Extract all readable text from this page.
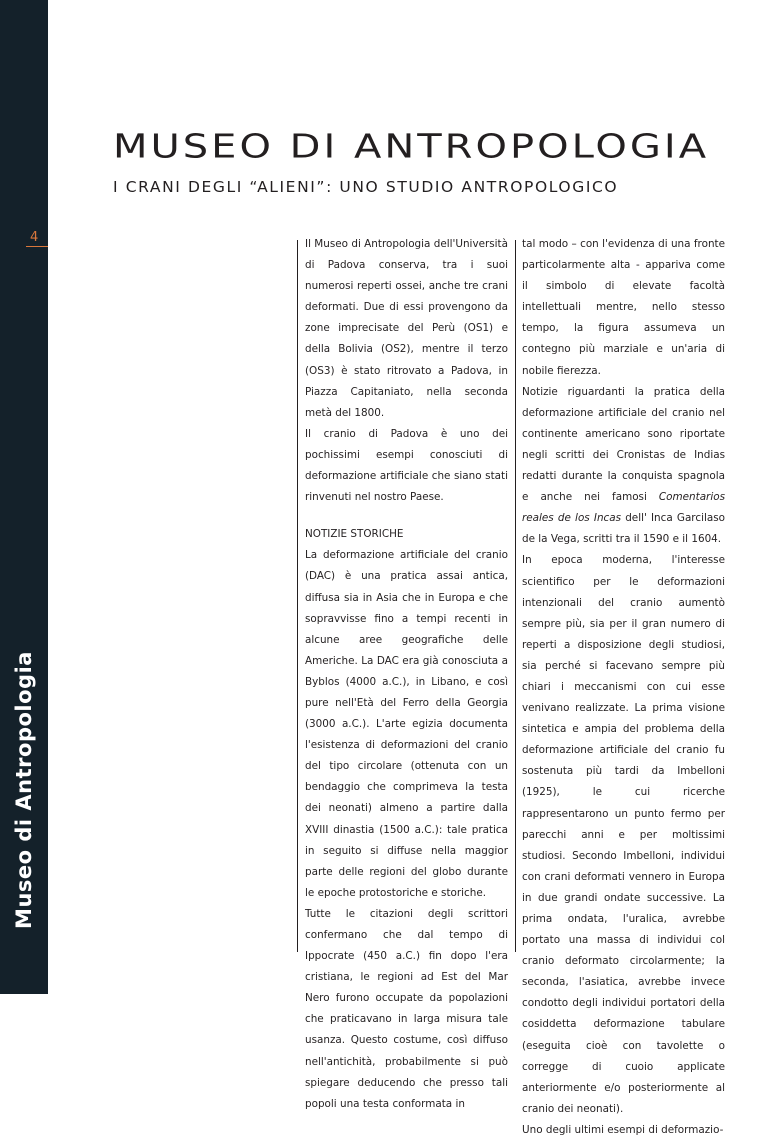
Museo di Antropologia
MUSEO DI ANTROPOLOGIA
I CRANI DEGLI “ALIENI”: UNO STUDIO ANTROPOLOGICO
4	Il Museo di Antropologia dell'Università di Padova conserva, tra i suoi numerosi reperti ossei, anche tre crani deformati. Due di essi provengono da zone imprecisate del Perù (OS1) e della Bolivia (OS2), mentre il terzo (OS3) è stato ritrovato a Padova, in Piazza Capitaniato, nella seconda metà del 1800.

Il cranio di Padova è uno dei pochissimi esempi conosciuti di deformazione artificiale che siano stati rinvenuti nel nostro Paese.

NOTIZIE STORICHE

La deformazione artificiale del cranio (DAC) è una pratica assai antica, diffusa sia in Asia che in Europa e che sopravvisse fino a tempi recenti in alcune aree geografiche delle Americhe. La DAC era già conosciuta a Byblos (4000 a.C.), in Libano, e così pure nell'Età del Ferro della Georgia (3000 a.C.). L'arte egizia documenta l'esistenza di deformazioni del cranio del tipo circolare (ottenuta con un bendaggio che comprimeva la testa dei neonati) almeno a partire dalla XVIII dinastia (1500 a.C.): tale pratica in seguito si diffuse nella maggior parte delle regioni del globo durante le epoche protostoriche e storiche.

Tutte le citazioni degli scrittori confermano che dal tempo di Ippocrate (450 a.C.) fin dopo l'era cristiana, le regioni ad Est del Mar Nero furono occupate da popolazioni che praticavano in larga misura tale usanza. Questo costume, così diffuso nell'antichità, probabilmente si può spiegare deducendo che presso tali popoli una testa conformata in

tal modo – con l'evidenza di una fronte particolarmente alta - appariva come il simbolo di elevate facoltà intellettuali mentre, nello stesso tempo, la figura assumeva un contegno più marziale e un'aria di nobile fierezza.

Notizie riguardanti la pratica della deformazione artificiale del cranio nel continente americano sono riportate negli scritti dei Cronistas de Indias redatti durante la conquista spagnola e anche nei famosi Comentarios reales de los Incas dell' Inca Garcilaso de la Vega, scritti tra il 1590 e il 1604.

In epoca moderna, l'interesse scientifico per le deformazioni intenzionali del cranio aumentò sempre più, sia per il gran numero di reperti a disposizione degli studiosi, sia perché si facevano sempre più chiari i meccanismi con cui esse venivano realizzate. La prima visione sintetica e ampia del problema della deformazione artificiale del cranio fu sostenuta più tardi da Imbelloni (1925), le cui ricerche rappresentarono un punto fermo per parecchi anni e per moltissimi studiosi. Secondo Imbelloni, individui con crani deformati vennero in Europa in due grandi ondate successive. La prima ondata, l'uralica, avrebbe portato una massa di individui col cranio deformato circolarmente; la seconda, l'asiatica, avrebbe invece condotto degli individui portatori della cosiddetta deformazione tabulare (eseguita cioè con tavolette o corregge di cuoio applicate anteriormente e/o posteriormente al cranio dei neonati).

Uno degli ultimi esempi di deformazio-
